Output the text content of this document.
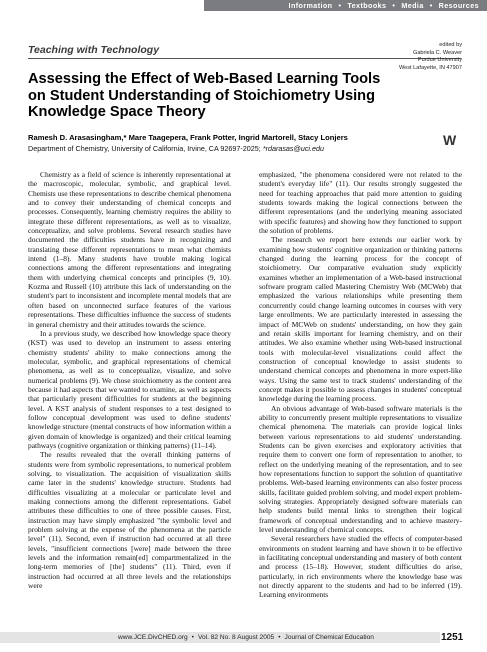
Information • Textbooks • Media • Resources
Teaching with Technology	edited by
Gabriela C. Weaver
Purdue University
West Lafayette, IN 47907
Assessing the Effect of Web-Based Learning Tools on Student Understanding of Stoichiometry Using Knowledge Space Theory
W
Ramesh D. Arasasingham,* Mare Taagepera, Frank Potter, Ingrid Martorell, Stacy Lonjers
Department of Chemistry, University of California, Irvine, CA 92697-2025; *rdarasas@uci.edu

Chemistry as a field of science is inherently representational at the macroscopic, molecular, symbolic, and graphical level. Chemists use these representations to describe chemical phenomena and to convey their understanding of chemical concepts and processes. Consequently, learning chemistry requires the ability to integrate these different representations, as well as to visualize, conceptualize, and solve problems. Several research studies have documented the difficulties students have in recognizing and translating these different representations to mean what chemists intend (1–8). Many students have trouble making logical connections among the different representations and integrating them with underlying chemical concepts and principles (9, 10). Kozma and Russell (10) attribute this lack of understanding on the student's part to inconsistent and incomplete mental models that are often based on unconnected surface features of the various representations. These difficulties influence the success of students in general chemistry and their attitudes towards the science.

In a previous study, we described how knowledge space theory (KST) was used to develop an instrument to assess entering chemistry students' ability to make connections among the molecular, symbolic, and graphical representations of chemical phenomena, as well as to conceptualize, visualize, and solve numerical problems (9). We chose stoichiometry as the content area because it had aspects that we wanted to examine, as well as aspects that particularly present difficulties for students at the beginning level. A KST analysis of student responses to a test designed to follow conceptual development was used to define students' knowledge structure (mental constructs of how information within a given domain of knowledge is organized) and their critical learning pathways (cognitive organization or thinking patterns) (11–14).

The results revealed that the overall thinking patterns of students were from symbolic representations, to numerical problem solving, to visualization. The acquisition of visualization skills came later in the students' knowledge structure. Students had difficulties visualizing at a molecular or particulate level and making connections among the different representations. Gabel attributes these difficulties to one of three possible causes. First, instruction may have simply emphasized "the symbolic level and problem solving at the expense of the phenomena at the particle level" (11). Second, even if instruction had occurred at all three levels, "insufficient connections [were] made between the three levels and the information remain[ed] compartmentalized in the long-term memories of [the] students" (11). Third, even if instruction had occurred at all three levels and the relationships were

emphasized, "the phenomena considered were not related to the student's everyday life" (11). Our results strongly suggested the need for teaching approaches that paid more attention to guiding students towards making the logical connections between the different representations (and the underlying meaning associated with specific features) and showing how they functioned to support the solution of problems.

The research we report here extends our earlier work by examining how students' cognitive organization or thinking patterns changed during the learning process for the concept of stoichiometry. Our comparative evaluation study explicitly examines whether an implementation of a Web-based instructional software program called Mastering Chemistry Web (MCWeb) that emphasized the various relationships while presenting them concurrently could change learning outcomes in courses with very large enrollments. We are particularly interested in assessing the impact of MCWeb on students' understanding, on how they gain and retain skills important for learning chemistry, and on their attitudes. We also examine whether using Web-based instructional tools with molecular-level visualizations could affect the construction of conceptual knowledge to assist students to understand chemical concepts and phenomena in more expert-like ways. Using the same test to track students' understanding of the concept makes it possible to assess changes in students' conceptual knowledge during the learning process.

An obvious advantage of Web-based software materials is the ability to concurrently present multiple representations to visualize chemical phenomena. The materials can provide logical links between various representations to aid students' understanding. Students can be given exercises and exploratory activities that require them to convert one form of representation to another, to reflect on the underlying meaning of the representation, and to see how representations function to support the solution of quantitative problems. Web-based learning environments can also foster process skills, facilitate guided problem solving, and model expert problem-solving strategies. Appropriately designed software materials can help students build mental links to strengthen their logical framework of conceptual understanding and to achieve mastery-level understanding of chemical concepts.

Several researchers have studied the effects of computer-based environments on student learning and have shown it to be effective in facilitating conceptual understanding and mastery of both content and process (15–18). However, student difficulties do arise, particularly, in rich environments where the knowledge base was not directly apparent to the students and had to be inferred (19). Learning environments

www.JCE.DivCHED.org • Vol. 82 No. 8 August 2005 • Journal of Chemical Education	1251
